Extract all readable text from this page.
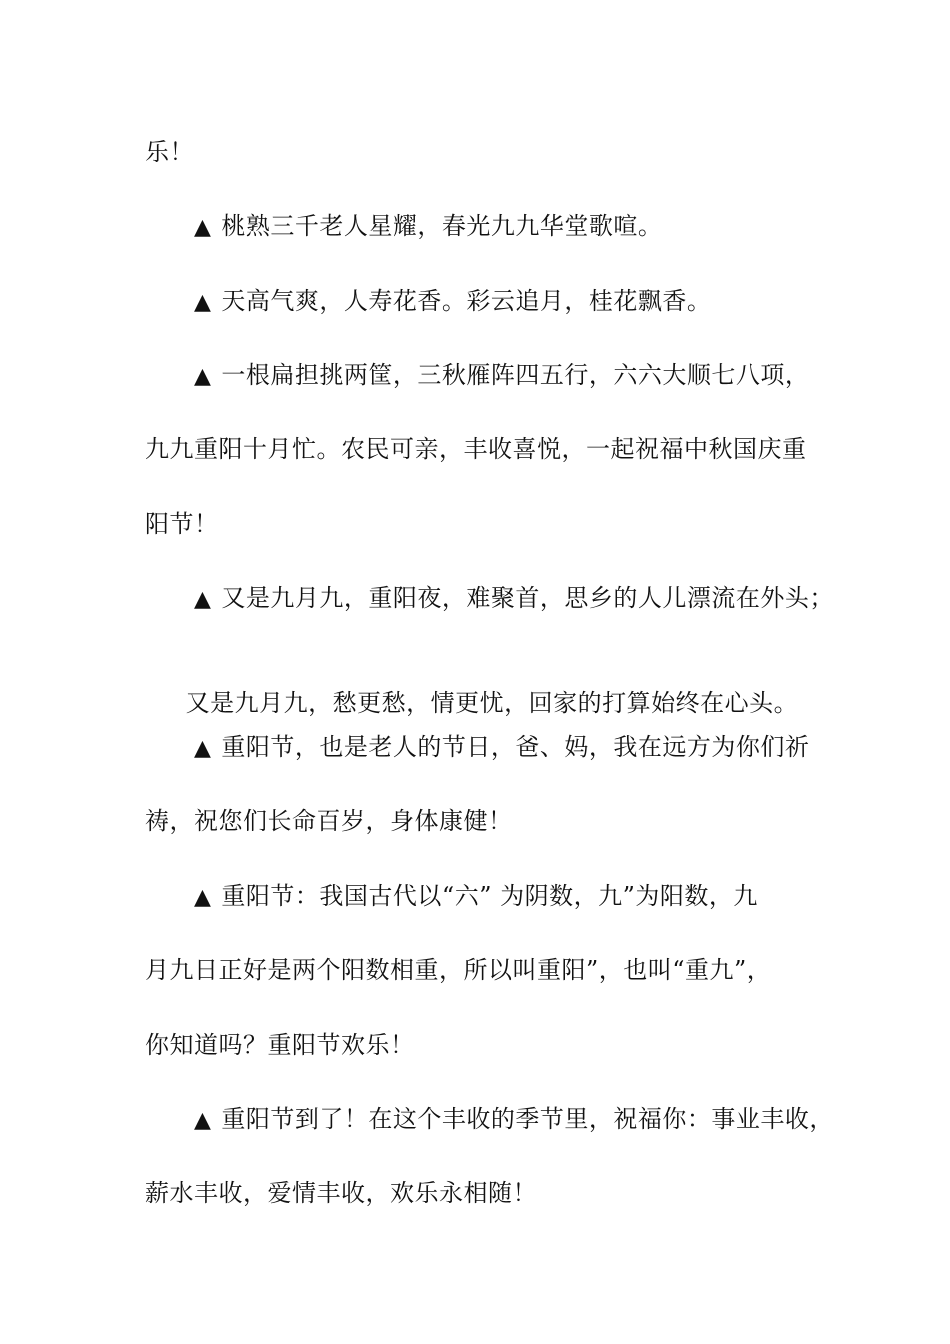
乐！
▲ 桃熟三千老人星耀，春光九九华堂歌喧。
▲ 天高气爽，人寿花香。彩云追月，桂花飘香。
▲ 一根扁担挑两筐，三秋雁阵四五行，六六大顺七八项，
九九重阳十月忙。农民可亲，丰收喜悦，一起祝福中秋国庆重
阳节！
▲ 又是九月九，重阳夜，难聚首，思乡的人儿漂流在外头；

又是九月九，愁更愁，情更忧，回家的打算始终在心头。

▲ 重阳节，也是老人的节日，爸、妈，我在远方为你们祈
祷，祝您们长命百岁，身体康健！
▲ 重阳节：我国古代以“六” 为阴数，九”为阳数，九
月九日正好是两个阳数相重，所以叫重阳”，也叫“重九”，
你知道吗？重阳节欢乐！
▲ 重阳节到了！在这个丰收的季节里，祝福你：事业丰收，
薪水丰收，爱情丰收，欢乐永相随！
